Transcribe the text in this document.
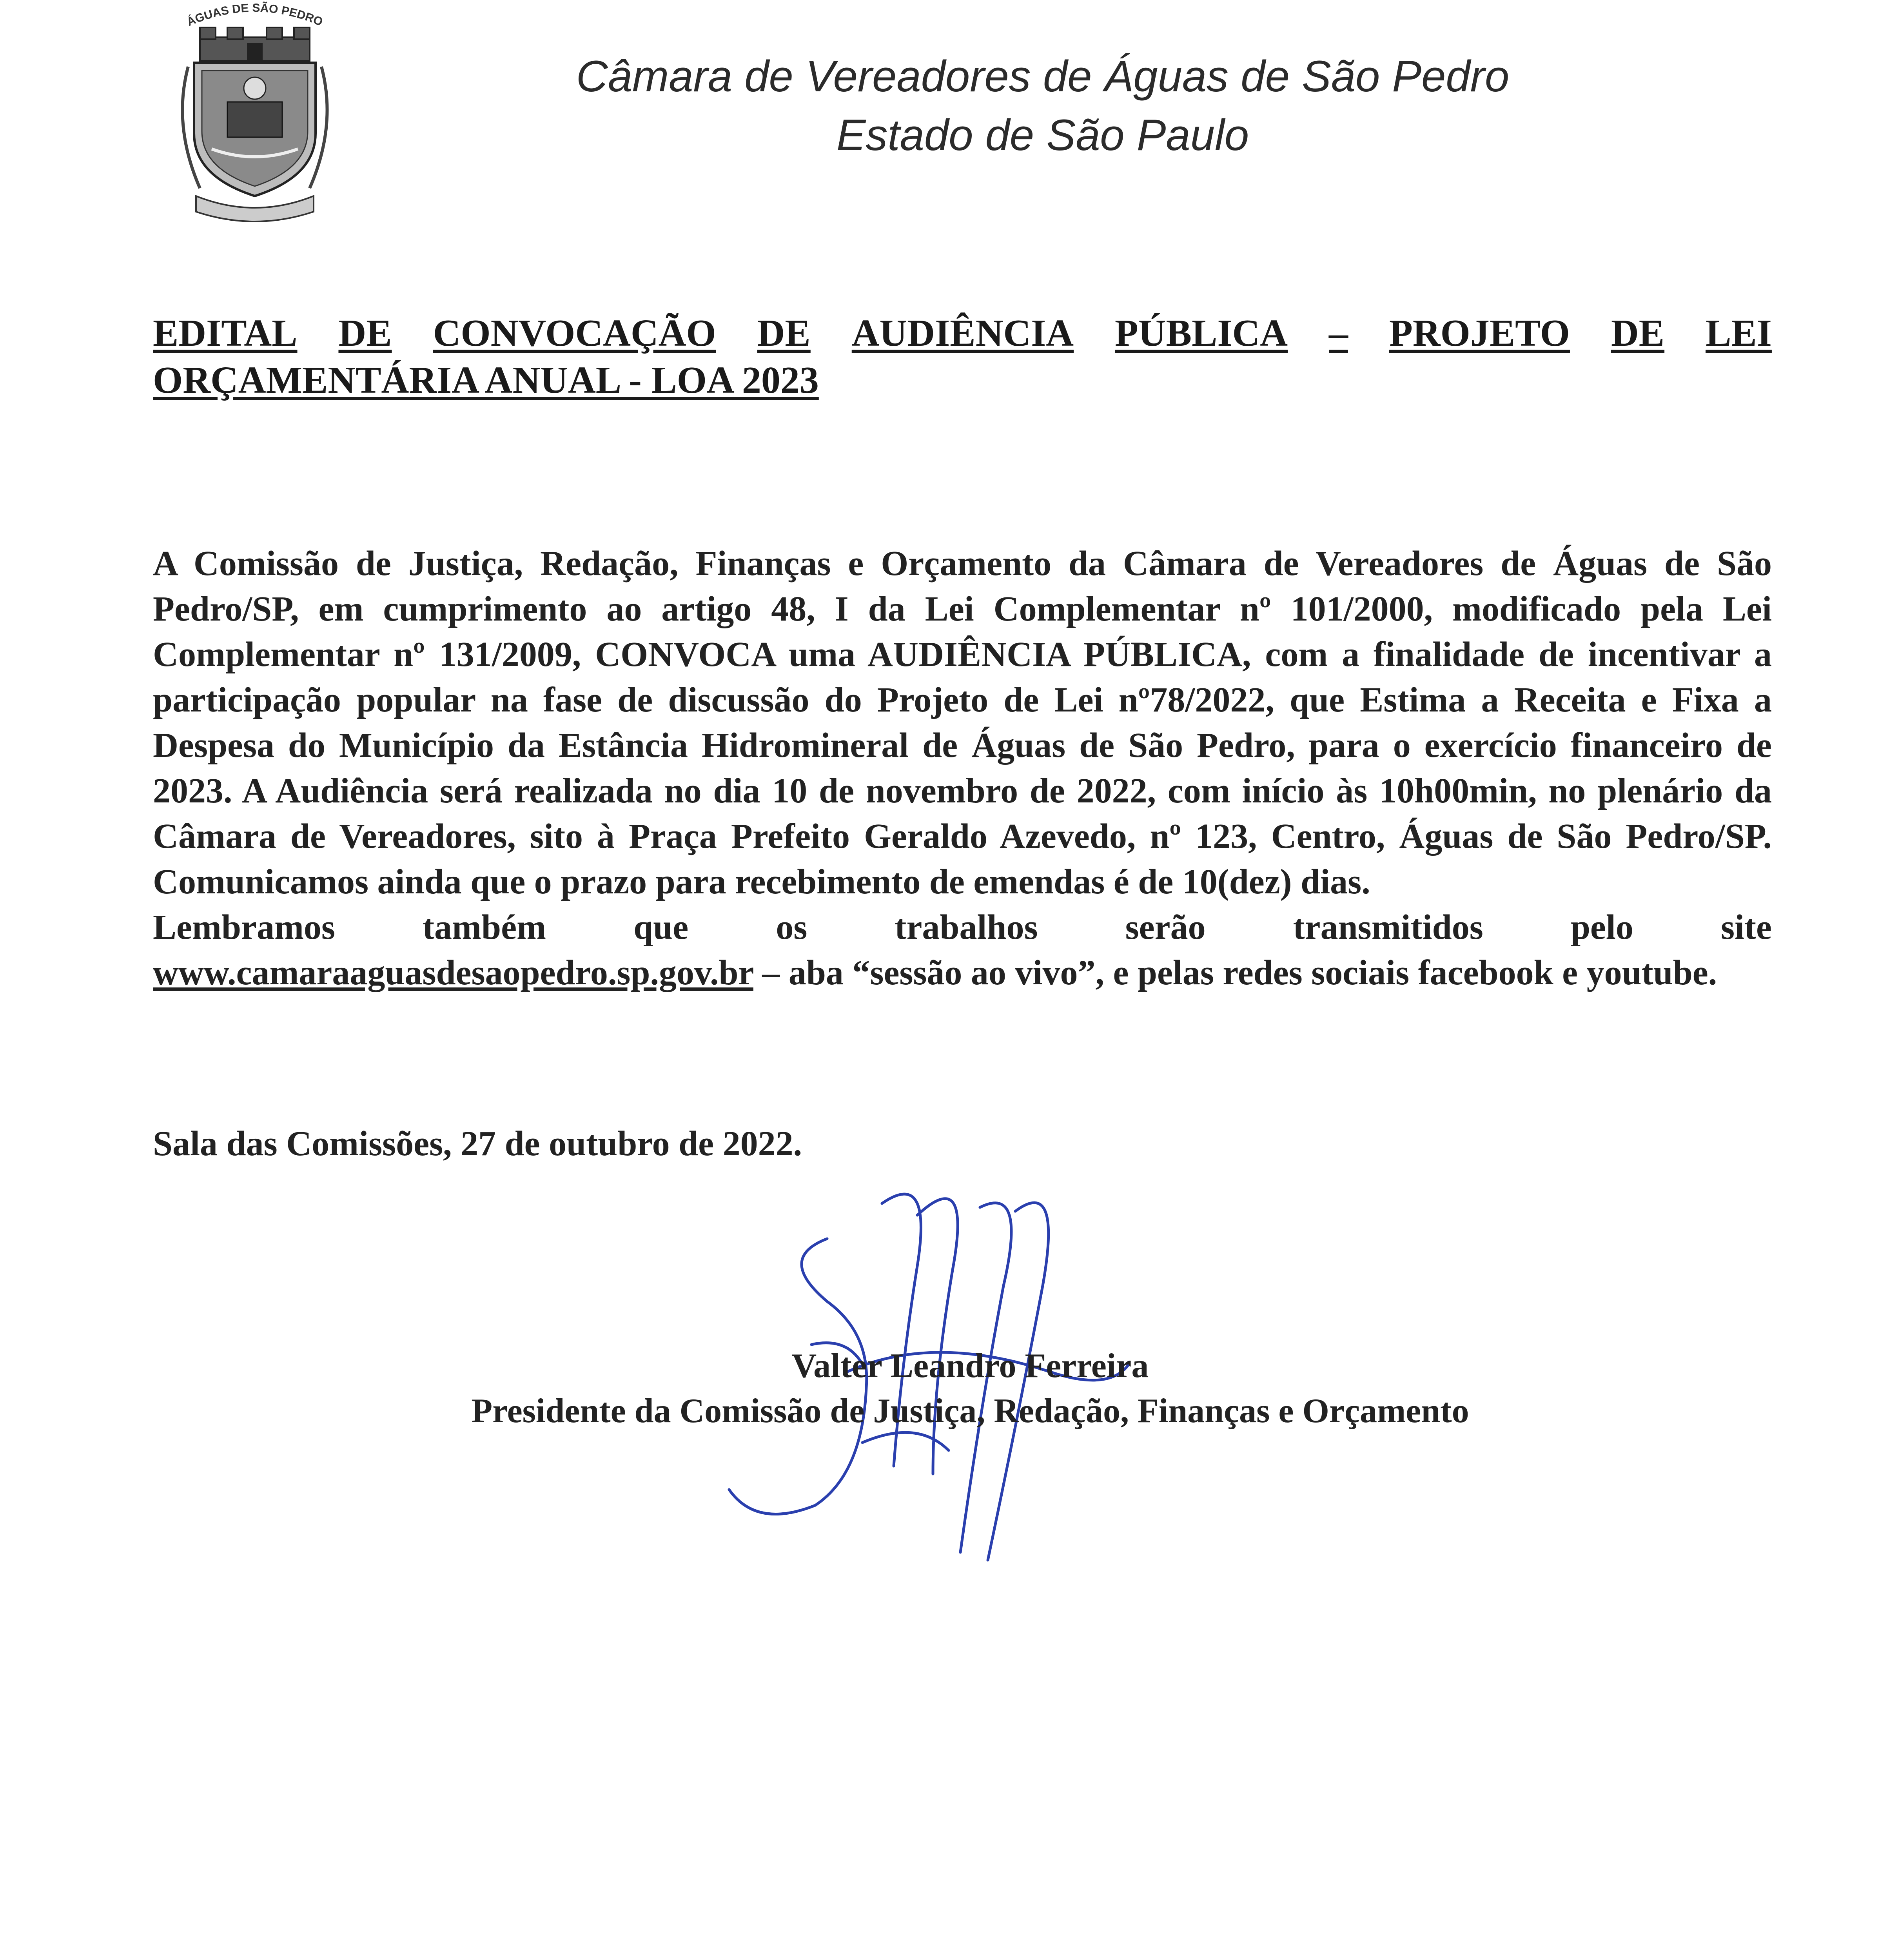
ÁGUAS DE SÃO PEDRO
Câmara de Vereadores de Águas de São Pedro
Estado de São Paulo
EDITAL DE CONVOCAÇÃO DE AUDIÊNCIA PÚBLICA – PROJETO DE LEI
ORÇAMENTÁRIA ANUAL - LOA 2023

A Comissão de Justiça, Redação, Finanças e Orçamento da Câmara de Vereadores de Águas de São Pedro/SP, em cumprimento ao artigo 48, I da Lei Complementar nº 101/2000, modificado pela Lei Complementar nº 131/2009, CONVOCA uma AUDIÊNCIA PÚBLICA, com a finalidade de incentivar a participação popular na fase de discussão do Projeto de Lei nº78/2022, que Estima a Receita e Fixa a Despesa do Município da Estância Hidromineral de Águas de São Pedro, para o exercício financeiro de 2023. A Audiência será realizada no dia 10 de novembro de 2022, com início às 10h00min, no plenário da Câmara de Vereadores, sito à Praça Prefeito Geraldo Azevedo, nº 123, Centro, Águas de São Pedro/SP. Comunicamos ainda que o prazo para recebimento de emendas é de 10(dez) dias.

Lembramos também que os trabalhos serão transmitidos pelo site

www.camaraaguasdesaopedro.sp.gov.br – aba “sessão ao vivo”, e pelas redes sociais facebook e youtube.

Sala das Comissões, 27 de outubro de 2022.
Valter Leandro Ferreira
Presidente da Comissão de Justiça, Redação, Finanças e Orçamento
